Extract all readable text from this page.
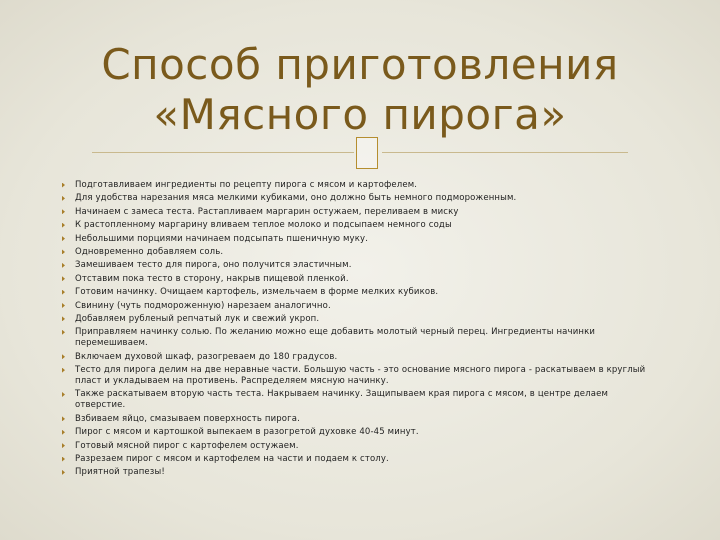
Способ приготовления
«Мясного пирога»
Подготавливаем ингредиенты по рецепту пирога с мясом и картофелем.
Для удобства нарезания мяса мелкими кубиками, оно должно быть немного подмороженным.
Начинаем с замеса теста. Растапливаем маргарин остужаем, переливаем в миску
К растопленному маргарину вливаем теплое молоко и подсыпаем немного соды
Небольшими порциями начинаем подсыпать пшеничную муку.
Одновременно добавляем соль.
Замешиваем тесто для пирога, оно получится эластичным.
Отставим пока тесто в сторону, накрыв пищевой пленкой.
Готовим начинку. Очищаем картофель, измельчаем в форме мелких кубиков.
Свинину (чуть подмороженную) нарезаем аналогично.
Добавляем рубленый репчатый лук и свежий укроп.
Приправляем начинку солью. По желанию можно еще добавить молотый черный перец. Ингредиенты начинки перемешиваем.
Включаем духовой шкаф, разогреваем до 180 градусов.
Тесто для пирога делим на две неравные части. Большую часть - это основание мясного пирога - раскатываем в круглый пласт и укладываем на противень. Распределяем мясную начинку.
Также раскатываем вторую часть теста. Накрываем начинку. Защипываем края пирога с мясом, в центре делаем отверстие.
Взбиваем яйцо, смазываем поверхность пирога.
Пирог с мясом и картошкой выпекаем в разогретой духовке 40-45 минут.
Готовый мясной пирог с картофелем остужаем.
Разрезаем пирог с мясом и картофелем на части и подаем к столу.
Приятной трапезы!
